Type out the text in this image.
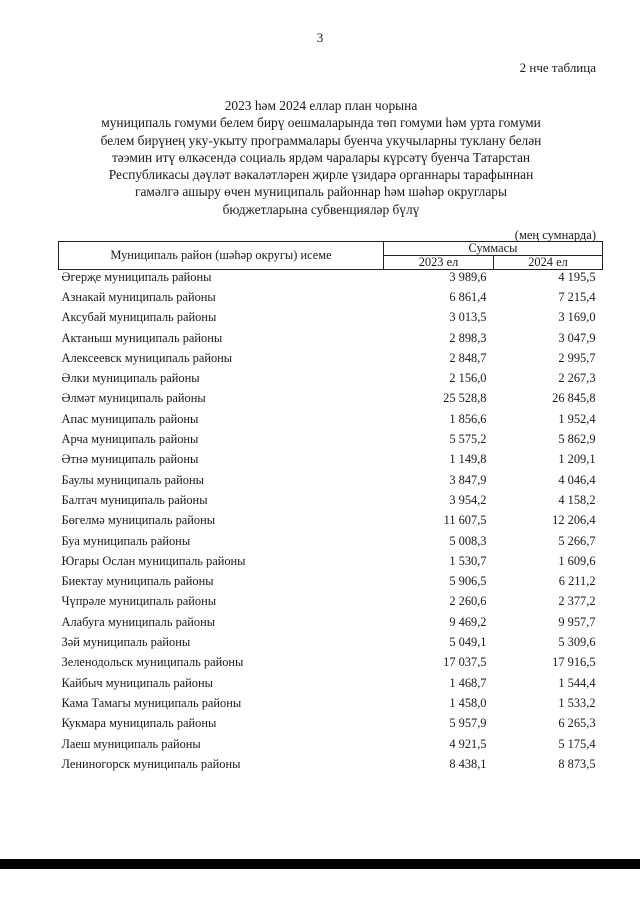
3
2 нче таблица
2023 һәм 2024 еллар план чорына
муниципаль гомуми белем бирү оешмаларында төп гомуми һәм урта гомуми
белем бирүнең уку-укыту программалары буенча укучыларны туклану белән
тәэмин итү өлкәсендә социаль ярдәм чаралары күрсәтү буенча Татарстан
Республикасы дәүләт вәкаләтләрен җирле үзидарә органнары тарафыннан
гамәлгә ашыру өчен муниципаль районнар һәм шәһәр округлары
бюджетларына субвенцияләр бүлү
(мең сумнарда)
Муниципаль район (шәһәр округы) исеме	Суммасы	
	2023 ел	2024 ел
Әгерҗе муниципаль районы	3 989,6	4 195,5
Азнакай муниципаль районы	6 861,4	7 215,4
Аксубай муниципаль районы	3 013,5	3 169,0
Актаныш муниципаль районы	2 898,3	3 047,9
Алексеевск муниципаль районы	2 848,7	2 995,7
Әлки муниципаль районы	2 156,0	2 267,3
Әлмәт муниципаль районы	25 528,8	26 845,8
Апас муниципаль районы	1 856,6	1 952,4
Арча муниципаль районы	5 575,2	5 862,9
Әтнә муниципаль районы	1 149,8	1 209,1
Баулы муниципаль районы	3 847,9	4 046,4
Балтач муниципаль районы	3 954,2	4 158,2
Бөгелмә муниципаль районы	11 607,5	12 206,4
Буа муниципаль районы	5 008,3	5 266,7
Югары Ослан муниципаль районы	1 530,7	1 609,6
Биектау муниципаль районы	5 906,5	6 211,2
Чүпрәле муниципаль районы	2 260,6	2 377,2
Алабуга муниципаль районы	9 469,2	9 957,7
Зәй муниципаль районы	5 049,1	5 309,6
Зеленодольск муниципаль районы	17 037,5	17 916,5
Кайбыч муниципаль районы	1 468,7	1 544,4
Кама Тамагы муниципаль районы	1 458,0	1 533,2
Кукмара муниципаль районы	5 957,9	6 265,3
Лаеш муниципаль районы	4 921,5	5 175,4
Лениногорск муниципаль районы	8 438,1	8 873,5
